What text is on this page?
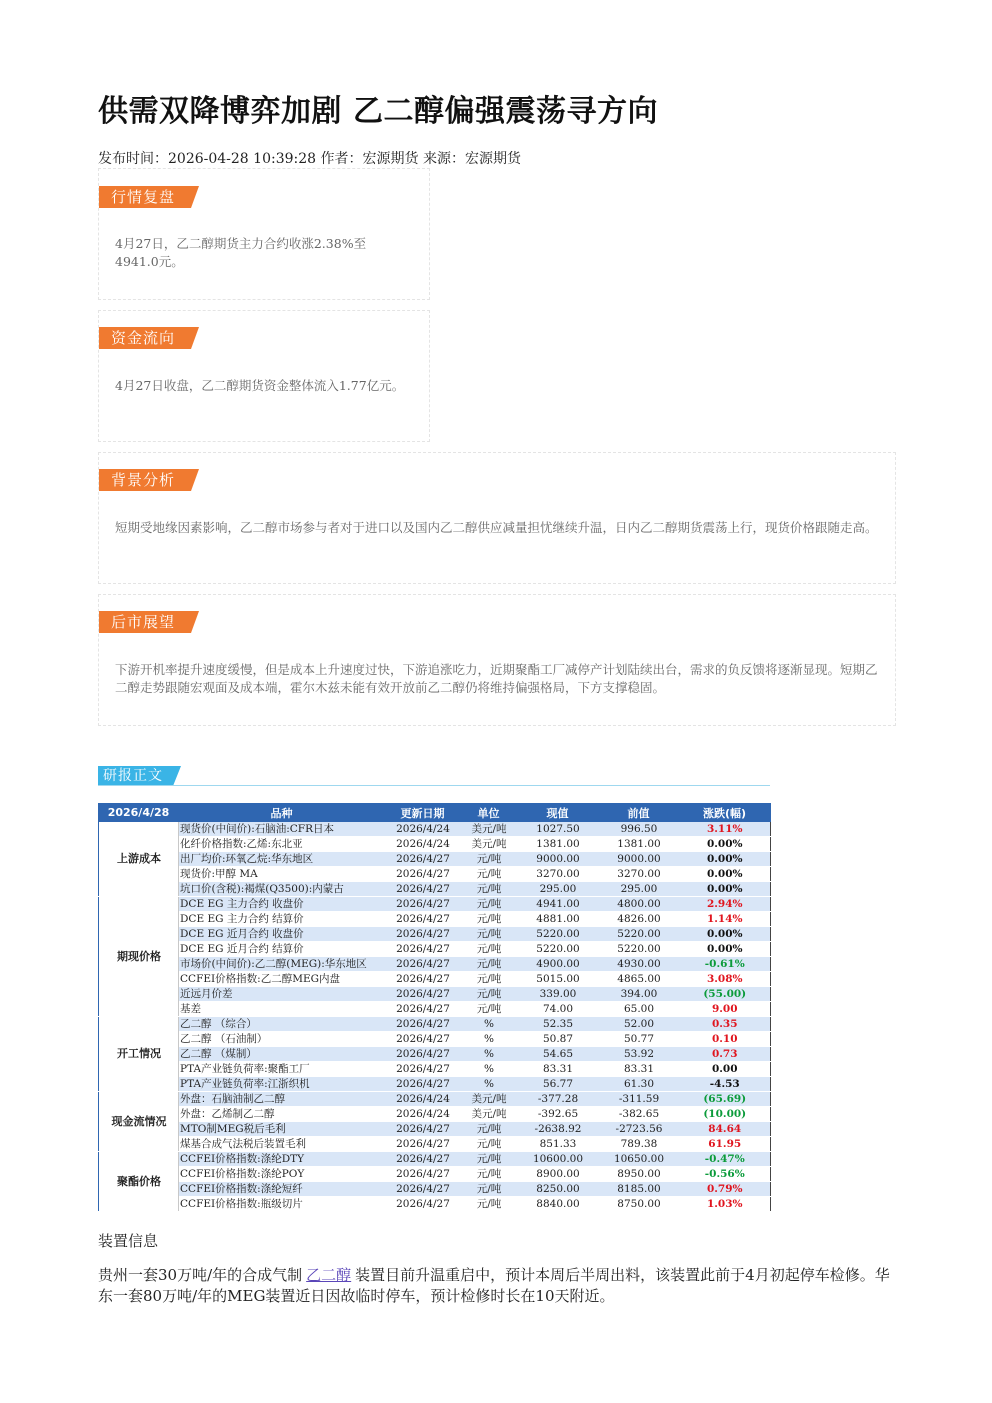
供需双降博弈加剧 乙二醇偏强震荡寻方向
发布时间：2026-04-28 10:39:28 作者：宏源期货 来源：宏源期货
行情复盘
4月27日，乙二醇期货主力合约收涨2.38%至4941.0元。
资金流向
4月27日收盘，乙二醇期货资金整体流入1.77亿元。
背景分析
短期受地缘因素影响，乙二醇市场参与者对于进口以及国内乙二醇供应减量担忧继续升温，日内乙二醇期货震荡上行，现货价格跟随走高。
后市展望
下游开机率提升速度缓慢，但是成本上升速度过快，下游追涨吃力，近期聚酯工厂减停产计划陆续出台，需求的负反馈将逐渐显现。短期乙二醇走势跟随宏观面及成本端，霍尔木兹未能有效开放前乙二醇仍将维持偏强格局，下方支撑稳固。
研报正文
2026/4/28	品种	更新日期	单位	现值	前值	涨跌(幅)
上游成本	现货价(中间价):石脑油:CFR日本	2026/4/24	美元/吨	1027.50	996.50	3.11%
	化纤价格指数:乙烯:东北亚	2026/4/24	美元/吨	1381.00	1381.00	0.00%
	出厂均价:环氧乙烷:华东地区	2026/4/27	元/吨	9000.00	9000.00	0.00%
	现货价:甲醇 MA	2026/4/27	元/吨	3270.00	3270.00	0.00%
	坑口价(含税):褐煤(Q3500):内蒙古	2026/4/27	元/吨	295.00	295.00	0.00%
期现价格	DCE EG 主力合约 收盘价	2026/4/27	元/吨	4941.00	4800.00	2.94%
	DCE EG 主力合约 结算价	2026/4/27	元/吨	4881.00	4826.00	1.14%
	DCE EG 近月合约 收盘价	2026/4/27	元/吨	5220.00	5220.00	0.00%
	DCE EG 近月合约 结算价	2026/4/27	元/吨	5220.00	5220.00	0.00%
	市场价(中间价):乙二醇(MEG):华东地区	2026/4/27	元/吨	4900.00	4930.00	-0.61%
	CCFEI价格指数:乙二醇MEG内盘	2026/4/27	元/吨	5015.00	4865.00	3.08%
	近远月价差	2026/4/27	元/吨	339.00	394.00	(55.00)
	基差	2026/4/27	元/吨	74.00	65.00	9.00
开工情况	乙二醇 （综合）	2026/4/27	%	52.35	52.00	0.35
	乙二醇 （石油制）	2026/4/27	%	50.87	50.77	0.10
	乙二醇 （煤制）	2026/4/27	%	54.65	53.92	0.73
	PTA产业链负荷率:聚酯工厂	2026/4/27	%	83.31	83.31	0.00
	PTA产业链负荷率:江浙织机	2026/4/27	%	56.77	61.30	-4.53
现金流情况	外盘：石脑油制乙二醇	2026/4/24	美元/吨	-377.28	-311.59	(65.69)
	外盘：乙烯制乙二醇	2026/4/24	美元/吨	-392.65	-382.65	(10.00)
	MTO制MEG税后毛利	2026/4/27	元/吨	-2638.92	-2723.56	84.64
	煤基合成气法税后装置毛利	2026/4/27	元/吨	851.33	789.38	61.95
聚酯价格	CCFEI价格指数:涤纶DTY	2026/4/27	元/吨	10600.00	10650.00	-0.47%
	CCFEI价格指数:涤纶POY	2026/4/27	元/吨	8900.00	8950.00	-0.56%
	CCFEI价格指数:涤纶短纤	2026/4/27	元/吨	8250.00	8185.00	0.79%
	CCFEI价格指数:瓶级切片	2026/4/27	元/吨	8840.00	8750.00	1.03%
装置信息
贵州一套30万吨/年的合成气制 乙二醇 装置目前升温重启中，预计本周后半周出料，该装置此前于4月初起停车检修。华东一套80万吨/年的MEG装置近日因故临时停车，预计检修时长在10天附近。
